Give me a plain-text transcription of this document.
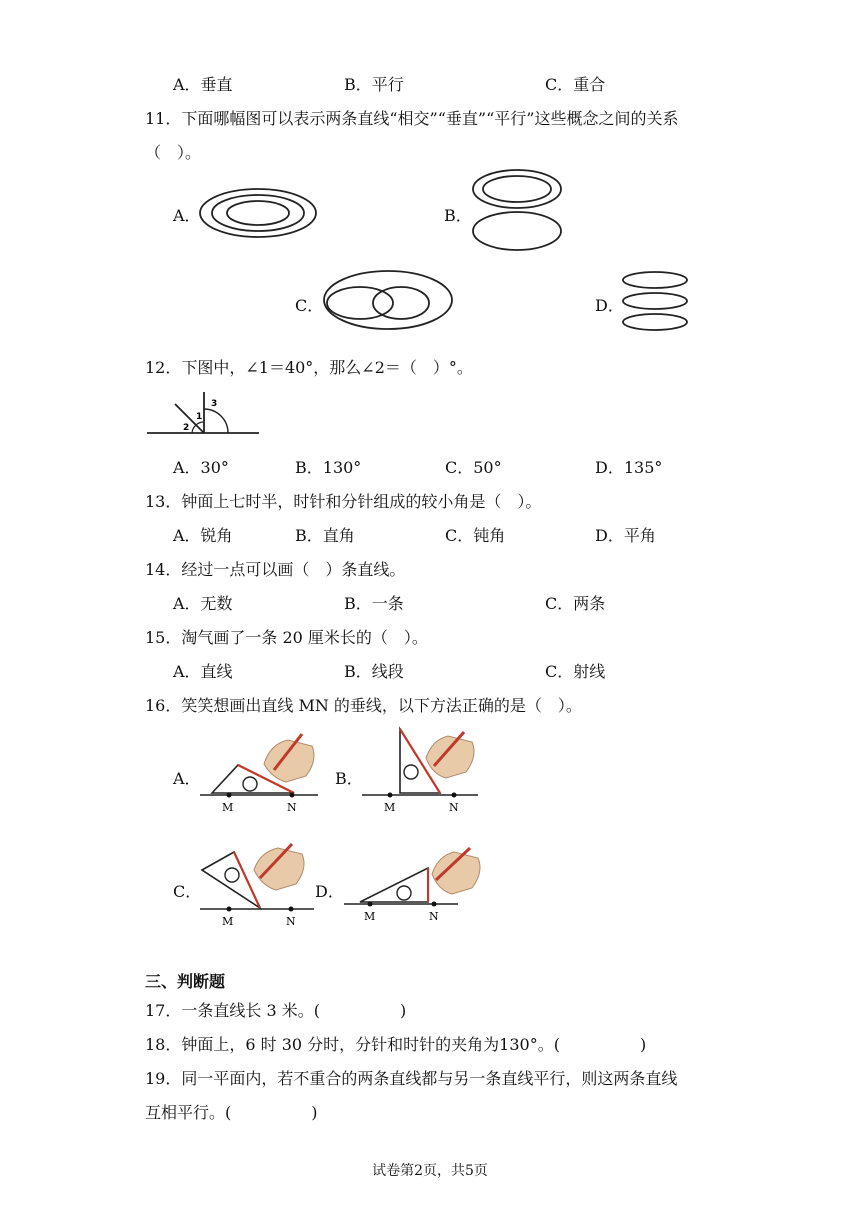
A．垂直	B．平行	C．重合
11．下面哪幅图可以表示两条直线“相交”“垂直”“平行”这些概念之间的关系
（　）。
A．	B．
C．	D．
12．下图中，∠1＝40°，那么∠2＝（　）°。
1
2
3
A．30°	B．130°	C．50°	D．135°
13．钟面上七时半，时针和分针组成的较小角是（　）。
A．锐角	B．直角	C．钝角	D．平角
14．经过一点可以画（　）条直线。
A．无数	B．一条	C．两条
15．淘气画了一条 20 厘米长的（　）。
A．直线	B．线段	C．射线
16．笑笑想画出直线 MN 的垂线，以下方法正确的是（　）。
A．
M	N
B．
M	N
C．
M	N
D．
M	N
三、判断题
17．一条直线长 3 米。(　　　　　)
18．钟面上，6 时 30 分时，分针和时针的夹角为130°。(　　　　　)
19．同一平面内，若不重合的两条直线都与另一条直线平行，则这两条直线
互相平行。(　　　　　)
试卷第2页，共5页
